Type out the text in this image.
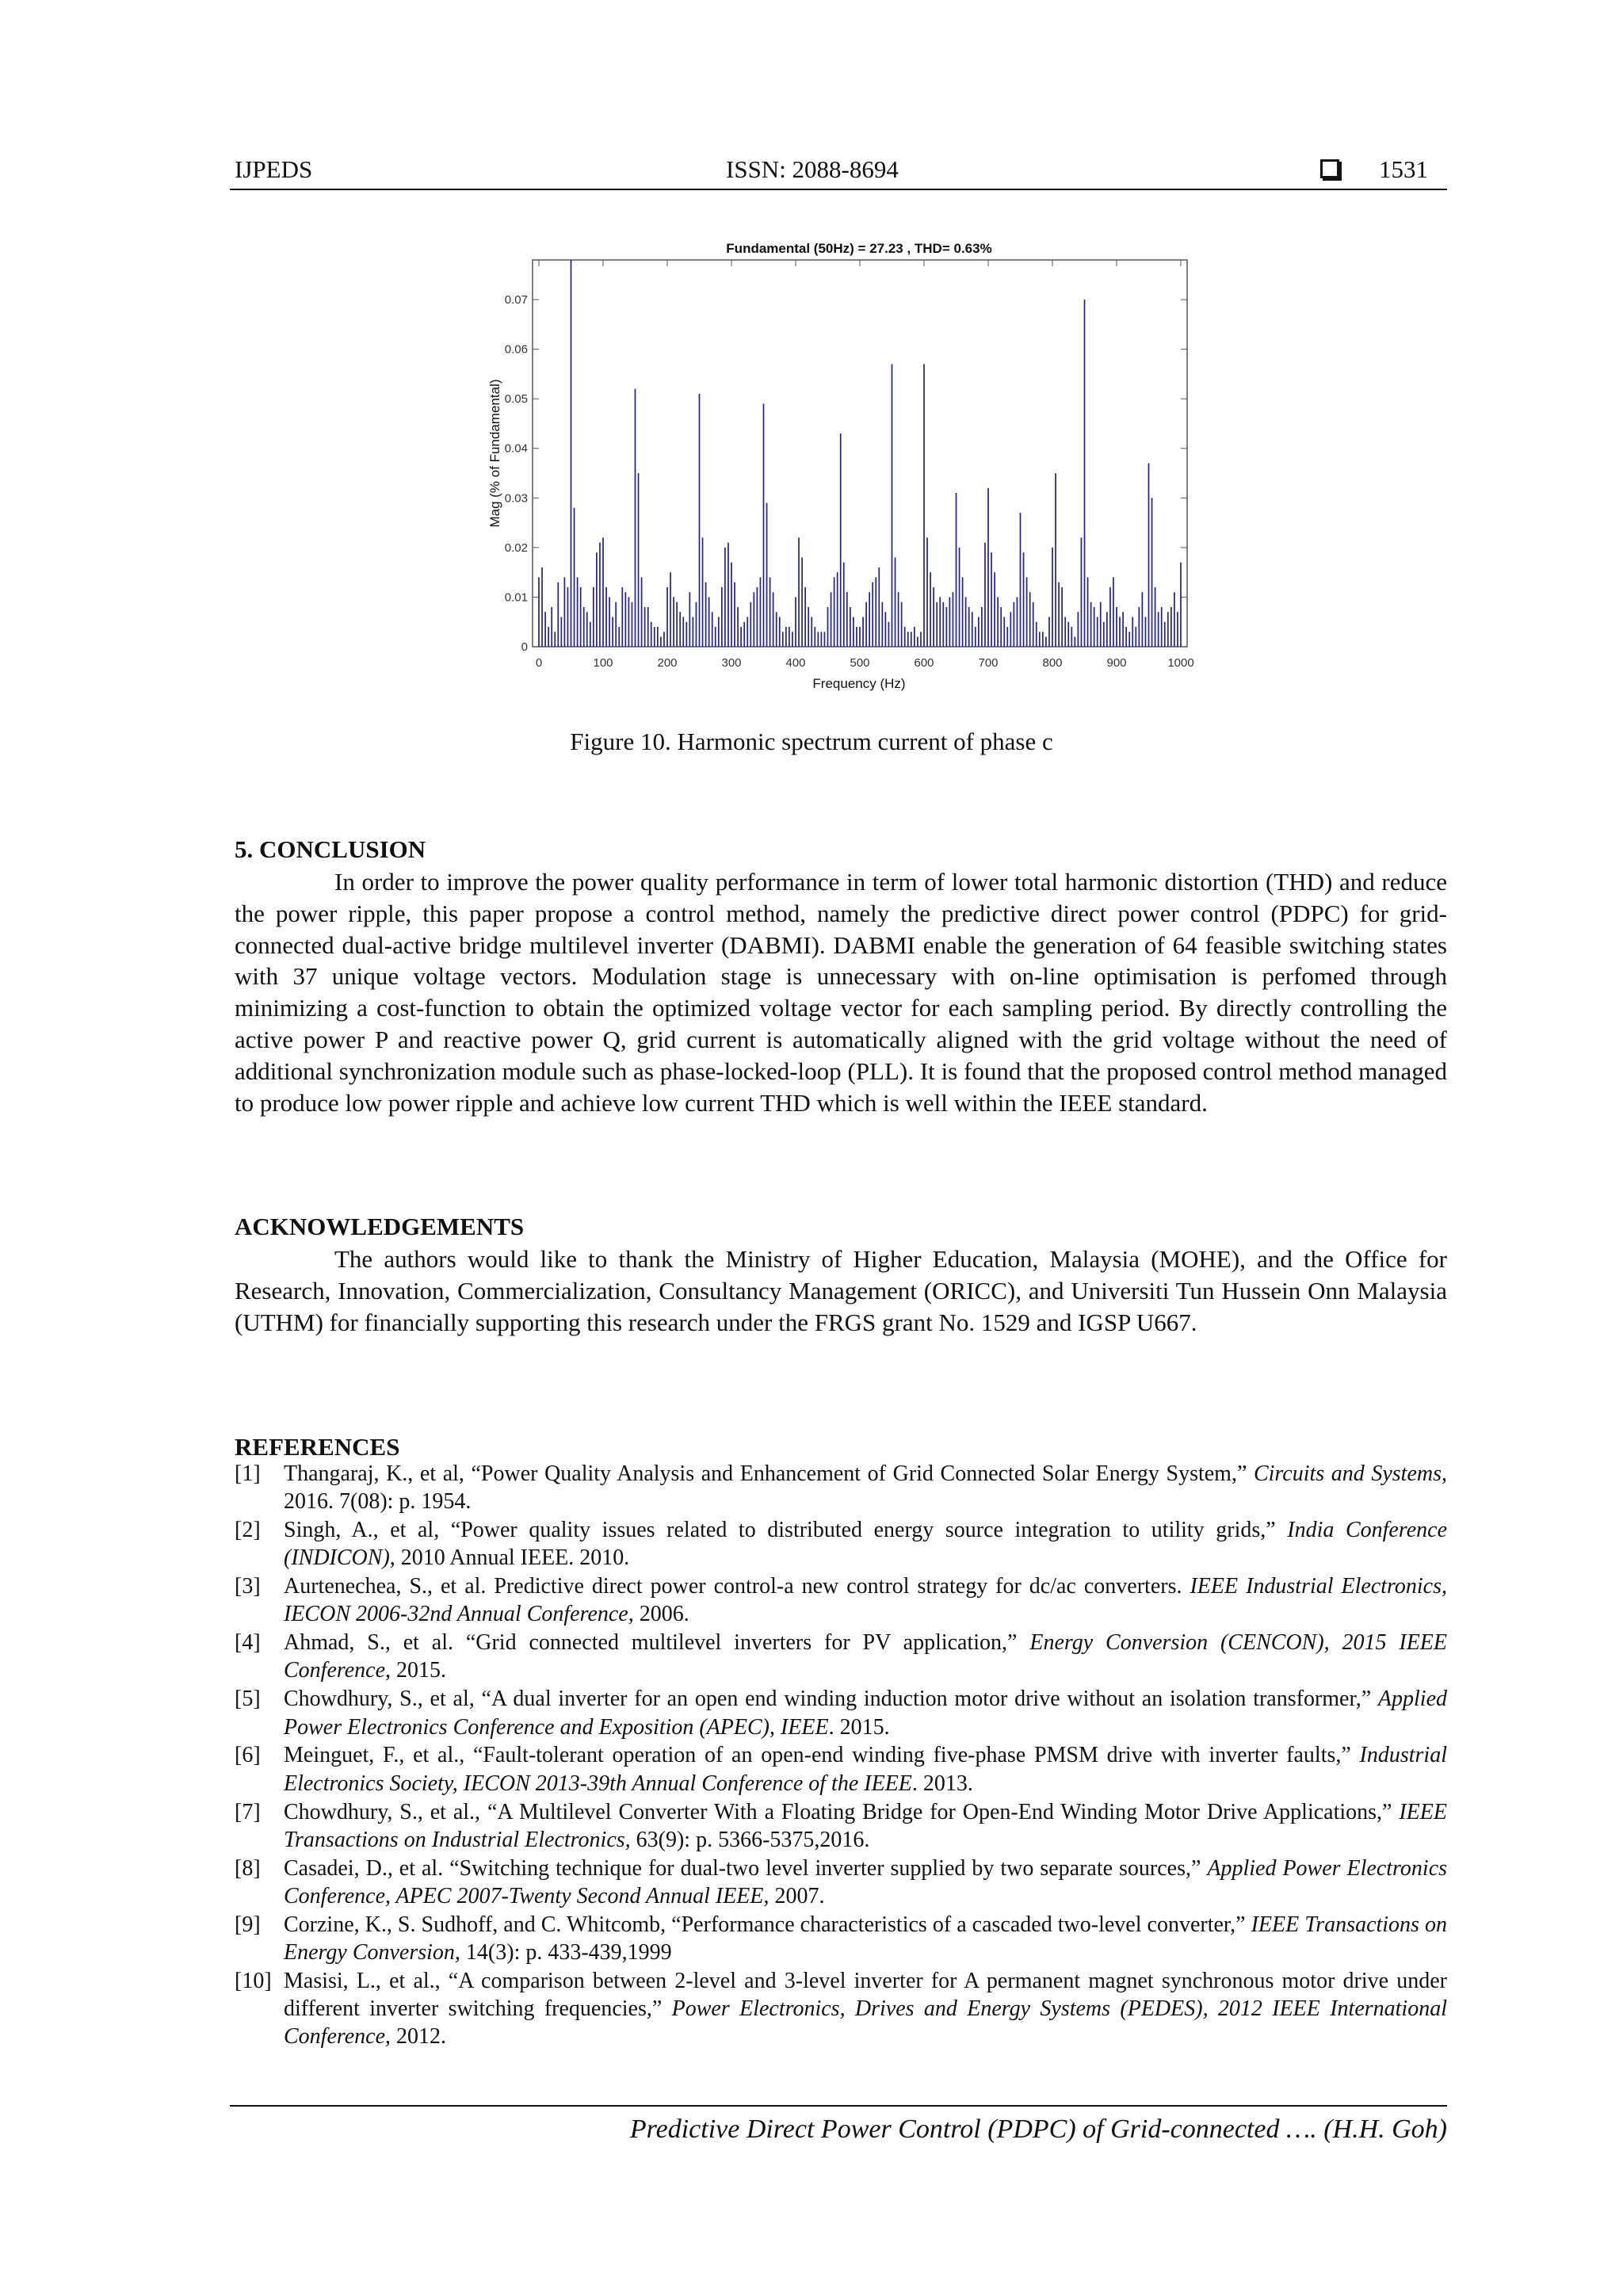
IJPEDS	ISSN: 2088-8694	1531
Fundamental (50Hz) = 27.23 , THD= 0.63%
0
0.01
0.02
0.03
0.04
0.05
0.06
0.07
0	100	200	300	400	500	600	700	800	900	1000
Frequency (Hz)
Mag (% of Fundamental)
Figure 10. Harmonic spectrum current of phase c
5. CONCLUSION

In order to improve the power quality performance in term of lower total harmonic distortion (THD) and reduce the power ripple, this paper propose a control method, namely the predictive direct power control (PDPC) for grid-connected dual-active bridge multilevel inverter (DABMI). DABMI enable the generation of 64 feasible switching states with 37 unique voltage vectors. Modulation stage is unnecessary with on-line optimisation is perfomed through minimizing a cost-function to obtain the optimized voltage vector for each sampling period. By directly controlling the active power P and reactive power Q, grid current is automatically aligned with the grid voltage without the need of additional synchronization module such as phase-locked-loop (PLL). It is found that the proposed control method managed to produce low power ripple and achieve low current THD which is well within the IEEE standard.

ACKNOWLEDGEMENTS

The authors would like to thank the Ministry of Higher Education, Malaysia (MOHE), and the Office for Research, Innovation, Commercialization, Consultancy Management (ORICC), and Universiti Tun Hussein Onn Malaysia (UTHM) for financially supporting this research under the FRGS grant No. 1529 and IGSP U667.

REFERENCES
[1] Thangaraj, K., et al, “Power Quality Analysis and Enhancement of Grid Connected Solar Energy System,” Circuits and Systems, 2016. 7(08): p. 1954.
[2] Singh, A., et al, “Power quality issues related to distributed energy source integration to utility grids,” India Conference (INDICON), 2010 Annual IEEE. 2010.
[3] Aurtenechea, S., et al. Predictive direct power control-a new control strategy for dc/ac converters. IEEE Industrial Electronics, IECON 2006-32nd Annual Conference, 2006.
[4] Ahmad, S., et al. “Grid connected multilevel inverters for PV application,” Energy Conversion (CENCON), 2015 IEEE Conference, 2015.
[5] Chowdhury, S., et al, “A dual inverter for an open end winding induction motor drive without an isolation transformer,” Applied Power Electronics Conference and Exposition (APEC), IEEE. 2015.
[6] Meinguet, F., et al., “Fault-tolerant operation of an open-end winding five-phase PMSM drive with inverter faults,” Industrial Electronics Society, IECON 2013-39th Annual Conference of the IEEE. 2013.
[7] Chowdhury, S., et al., “A Multilevel Converter With a Floating Bridge for Open-End Winding Motor Drive Applications,” IEEE Transactions on Industrial Electronics, 63(9): p. 5366-5375,2016.
[8] Casadei, D., et al. “Switching technique for dual-two level inverter supplied by two separate sources,” Applied Power Electronics Conference, APEC 2007-Twenty Second Annual IEEE, 2007.
[9] Corzine, K., S. Sudhoff, and C. Whitcomb, “Performance characteristics of a cascaded two-level converter,” IEEE Transactions on Energy Conversion, 14(3): p. 433-439,1999
[10] Masisi, L., et al., “A comparison between 2-level and 3-level inverter for A permanent magnet synchronous motor drive under different inverter switching frequencies,” Power Electronics, Drives and Energy Systems (PEDES), 2012 IEEE International Conference, 2012.
Predictive Direct Power Control (PDPC) of Grid-connected …. (H.H. Goh)
